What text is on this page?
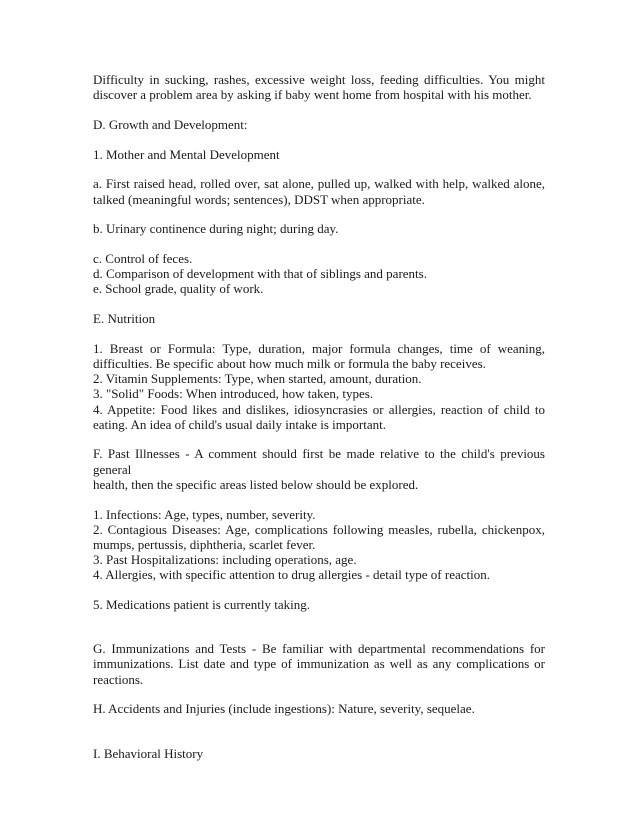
Difficulty in sucking, rashes, excessive weight loss, feeding difficulties. You might
discover a problem area by asking if baby went home from hospital with his mother.
D. Growth and Development:
1. Mother and Mental Development
a. First raised head, rolled over, sat alone, pulled up, walked with help, walked alone,
talked (meaningful words; sentences), DDST when appropriate.
b. Urinary continence during night; during day.
c. Control of feces.
d. Comparison of development with that of siblings and parents.
e. School grade, quality of work.
E. Nutrition
1. Breast or Formula: Type, duration, major formula changes, time of weaning,
difficulties. Be specific about how much milk or formula the baby receives.
2. Vitamin Supplements: Type, when started, amount, duration.
3. "Solid" Foods: When introduced, how taken, types.
4. Appetite: Food likes and dislikes, idiosyncrasies or allergies, reaction of child to
eating. An idea of child's usual daily intake is important.
F. Past Illnesses - A comment should first be made relative to the child's previous general
health, then the specific areas listed below should be explored.
1. Infections: Age, types, number, severity.
2. Contagious Diseases: Age, complications following measles, rubella, chickenpox,
mumps, pertussis, diphtheria, scarlet fever.
3. Past Hospitalizations: including operations, age.
4. Allergies, with specific attention to drug allergies - detail type of reaction.
5. Medications patient is currently taking.
G. Immunizations and Tests - Be familiar with departmental recommendations for
immunizations. List date and type of immunization as well as any complications or
reactions.
H. Accidents and Injuries (include ingestions): Nature, severity, sequelae.
I. Behavioral History
